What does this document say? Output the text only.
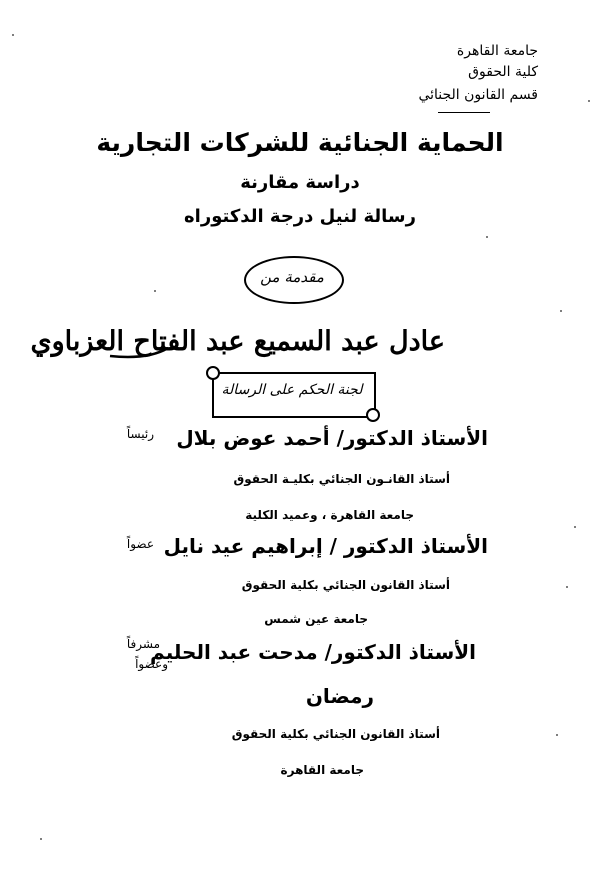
جامعة القاهرة
كلية الحقوق
قسم القانون الجنائي
الحماية الجنائية للشركات التجارية
دراسة مقارنة
رسالة لنيل درجة الدكتوراه
مقدمة من
عادل عبد السميع عبد الفتاح العزباوي
لجنة الحكم على الرسالة
رئيساً الأستاذ الدكتور/ أحمد عوض بلال
أستاذ القانـون الجنائي بكليـة الحقوق
جامعة القاهرة ، وعميد الكلية
عضواً الأستاذ الدكتور / إبراهيم عيد نايل
أستاذ القانون الجنائي بكلية الحقوق
جامعة عين شمس
مشرفاً
وعضواً
الأستاذ الدكتور/ مدحت عبد الحليم
رمضان
أستاذ القانون الجنائي بكلية الحقوق
جامعة القاهرة
